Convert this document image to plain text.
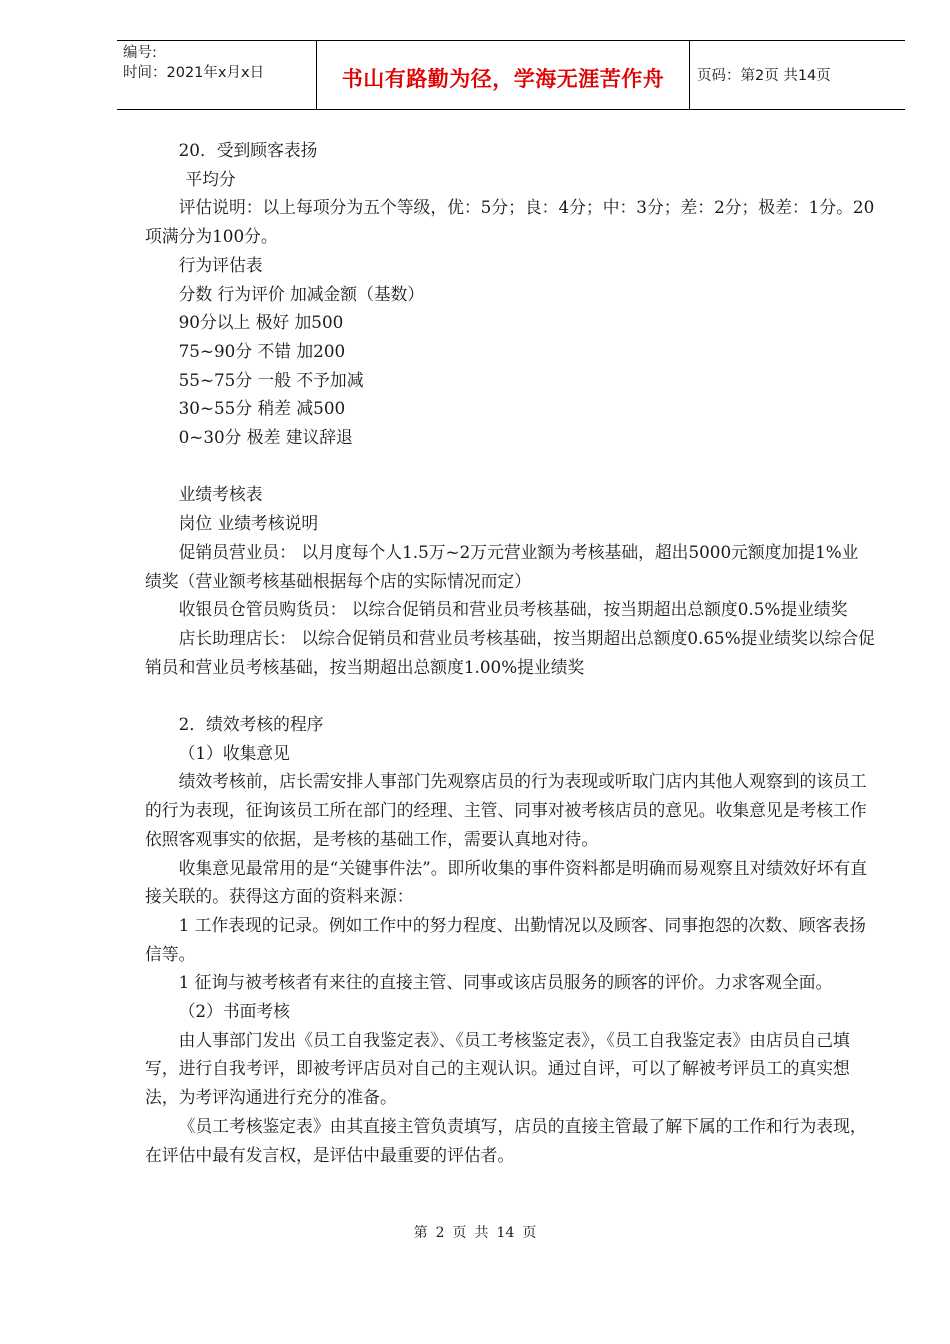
编号:
时间：2021年x月x日	书山有路勤为径，学海无涯苦作舟	页码：第2页 共14页

20．受到顾客表扬

平均分

评估说明：以上每项分为五个等级，优：5分；良：4分；中：3分；差：2分；极差：1分。20项满分为100分。

行为评估表

分数 行为评价 加减金额（基数）

90分以上 极好 加500

75~90分 不错 加200

55~75分 一般 不予加减

30~55分 稍差 减500

0~30分 极差 建议辞退

业绩考核表

岗位 业绩考核说明

促销员营业员： 以月度每个人1.5万~2万元营业额为考核基础，超出5000元额度加提1%业绩奖（营业额考核基础根据每个店的实际情况而定）

收银员仓管员购货员： 以综合促销员和营业员考核基础，按当期超出总额度0.5%提业绩奖

店长助理店长： 以综合促销员和营业员考核基础，按当期超出总额度0.65%提业绩奖以综合促销员和营业员考核基础，按当期超出总额度1.00%提业绩奖

2．绩效考核的程序

（1）收集意见

绩效考核前，店长需安排人事部门先观察店员的行为表现或听取门店内其他人观察到的该员工的行为表现，征询该员工所在部门的经理、主管、同事对被考核店员的意见。收集意见是考核工作依照客观事实的依据，是考核的基础工作，需要认真地对待。

收集意见最常用的是“关键事件法”。即所收集的事件资料都是明确而易观察且对绩效好坏有直接关联的。获得这方面的资料来源：

1 工作表现的记录。例如工作中的努力程度、出勤情况以及顾客、同事抱怨的次数、顾客表扬信等。

1 征询与被考核者有来往的直接主管、同事或该店员服务的顾客的评价。力求客观全面。

（2）书面考核

由人事部门发出《员工自我鉴定表》、《员工考核鉴定表》，《员工自我鉴定表》由店员自己填写，进行自我考评，即被考评店员对自己的主观认识。通过自评，可以了解被考评员工的真实想法，为考评沟通进行充分的准备。

《员工考核鉴定表》由其直接主管负责填写，店员的直接主管最了解下属的工作和行为表现，在评估中最有发言权，是评估中最重要的评估者。

第 2 页 共 14 页
